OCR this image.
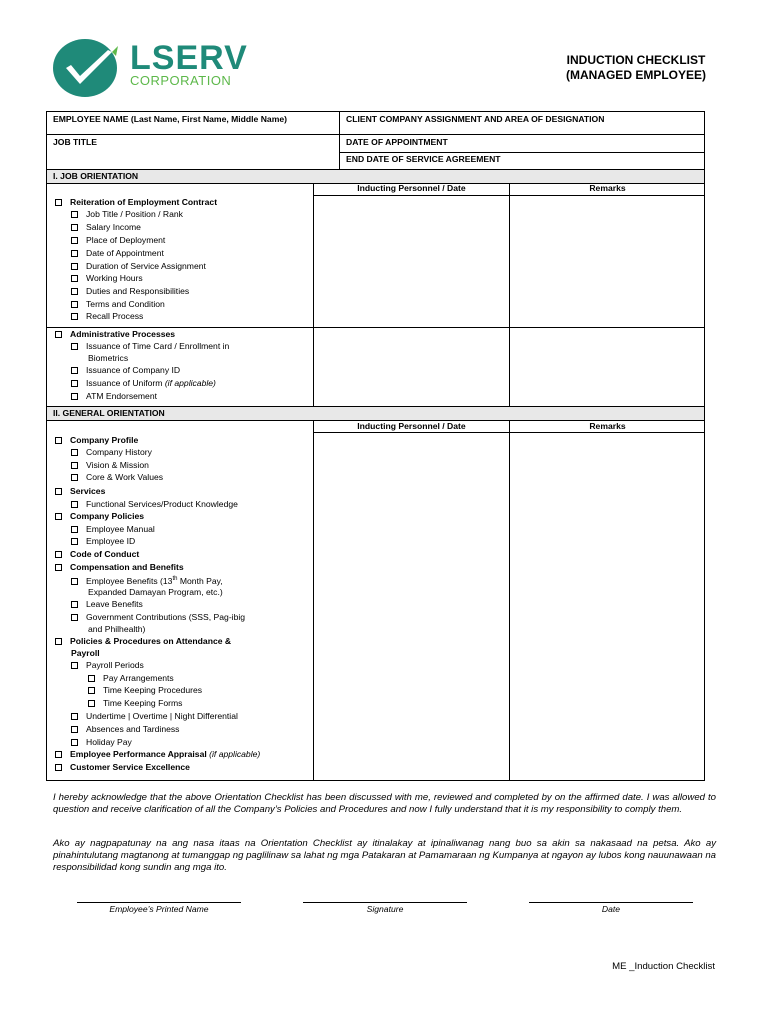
LSERV
CORPORATION
INDUCTION CHECKLIST
(MANAGED EMPLOYEE)
EMPLOYEE NAME (Last Name, First Name, Middle Name)	CLIENT COMPANY ASSIGNMENT AND AREA OF DESIGNATION
JOB TITLE	DATE OF APPOINTMENT
END DATE OF SERVICE AGREEMENT
I. JOB ORIENTATION
Inducting Personnel / Date	Remarks
Reiteration of Employment Contract
Job Title / Position / Rank
Salary Income
Place of Deployment
Date of Appointment
Duration of Service Assignment
Working Hours
Duties and Responsibilities
Terms and Condition
Recall Process
Administrative Processes
Issuance of Time Card / Enrollment in
Biometrics
Issuance of Company ID
Issuance of Uniform (if applicable)
ATM Endorsement
II. GENERAL ORIENTATION
Inducting Personnel / Date	Remarks
Company Profile
Company History
Vision & Mission
Core & Work Values
Services
Functional Services/Product Knowledge
Company Policies
Employee Manual
Employee ID
Code of Conduct
Compensation and Benefits
Employee Benefits (13th Month Pay,
Expanded Damayan Program, etc.)
Leave Benefits
Government Contributions (SSS, Pag-ibig
and Philhealth)
Policies & Procedures on Attendance &
Payroll
Payroll Periods
Pay Arrangements
Time Keeping Procedures
Time Keeping Forms
Undertime | Overtime | Night Differential
Absences and Tardiness
Holiday Pay
Employee Performance Appraisal (if applicable)
Customer Service Excellence
I hereby acknowledge that the above Orientation Checklist has been discussed with me, reviewed and completed by on the affirmed date. I was allowed to question and receive clarification of all the Company’s Policies and Procedures and now I fully understand that it is my responsibility to comply them.
Ako ay nagpapatunay na ang nasa itaas na Orientation Checklist ay itinalakay at ipinaliwanag nang buo sa akin sa nakasaad na petsa. Ako ay pinahintulutang magtanong at tumanggap ng paglilinaw sa lahat ng mga Patakaran at Pamamaraan ng Kumpanya at ngayon ay lubos kong nauunawaan na responsibilidad kong sundin ang mga ito.
Employee’s Printed Name	Signature	Date
ME _Induction Checklist
